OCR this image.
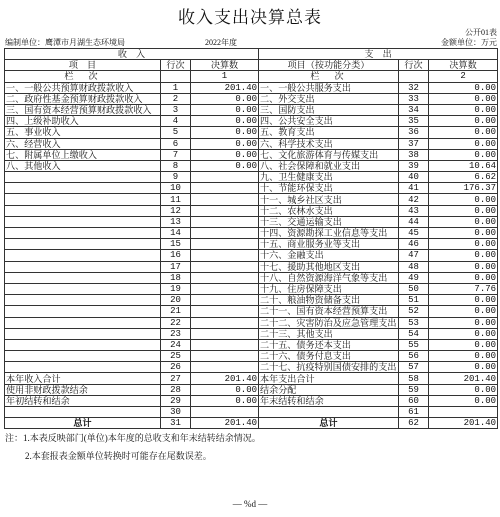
收入支出决算总表
公开01表
编制单位：鹰潭市月湖生态环境局	2022年度	金额单位：万元
收　入			支　出		
项　目	行次	决算数	项目（按功能分类）	行次	决算数
栏　次		1	栏　次		2
一、一般公共预算财政拨款收入	1	201.40	一、一般公共服务支出	32	0.00
二、政府性基金预算财政拨款收入	2	0.00	二、外交支出	33	0.00
三、国有资本经营预算财政拨款收入	3	0.00	三、国防支出	34	0.00
四、上级补助收入	4	0.00	四、公共安全支出	35	0.00
五、事业收入	5	0.00	五、教育支出	36	0.00
六、经营收入	6	0.00	六、科学技术支出	37	0.00
七、附属单位上缴收入	7	0.00	七、文化旅游体育与传媒支出	38	0.00
八、其他收入	8	0.00	八、社会保障和就业支出	39	10.64
	9		九、卫生健康支出	40	6.62
	10		十、节能环保支出	41	176.37
	11		十一、城乡社区支出	42	0.00
	12		十二、农林水支出	43	0.00
	13		十三、交通运输支出	44	0.00
	14		十四、资源勘探工业信息等支出	45	0.00
	15		十五、商业服务业等支出	46	0.00
	16		十六、金融支出	47	0.00
	17		十七、援助其他地区支出	48	0.00
	18		十八、自然资源海洋气象等支出	49	0.00
	19		十九、住房保障支出	50	7.76
	20		二十、粮油物资储备支出	51	0.00
	21		二十一、国有资本经营预算支出	52	0.00
	22		二十二、灾害防治及应急管理支出	53	0.00
	23		二十三、其他支出	54	0.00
	24		二十五、债务还本支出	55	0.00
	25		二十六、债务付息支出	56	0.00
	26		二十七、抗疫特别国债安排的支出	57	0.00
本年收入合计	27	201.40	本年支出合计	58	201.40
使用非财政拨款结余	28	0.00	结余分配	59	0.00
年初结转和结余	29	0.00	年末结转和结余	60	0.00
	30			61	
总计	31	201.40	总计	62	201.40
注：1.本表反映部门(单位)本年度的总收支和年末结转结余情况。
2.本套报表金额单位转换时可能存在尾数误差。
— %d —
